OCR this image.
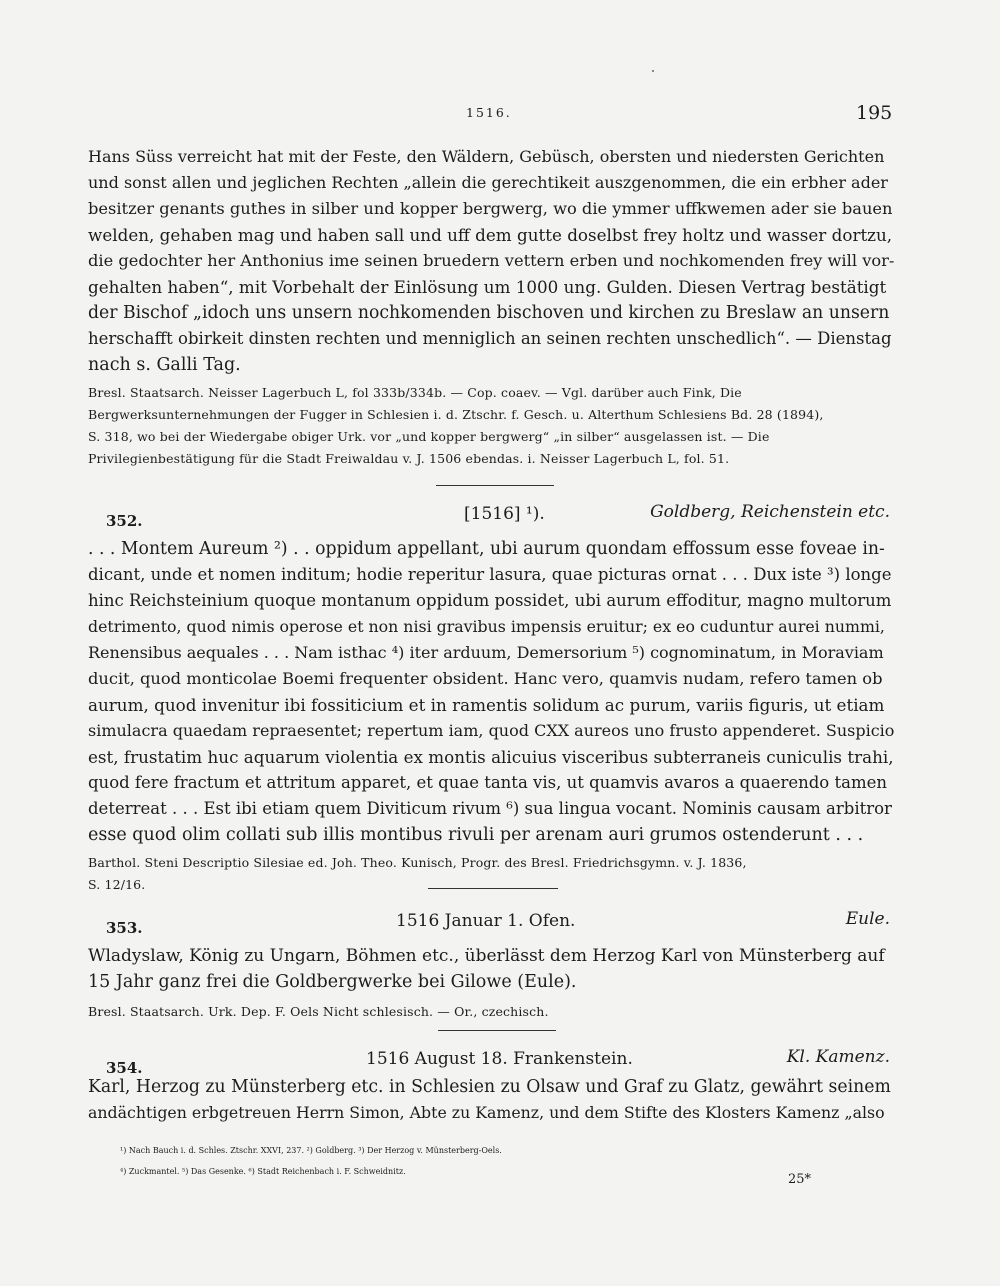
1516.	195
Hans Süss verreicht hat mit der Feste, den Wäldern, Gebüsch, obersten und niedersten Gerichten
und sonst allen und jeglichen Rechten „allein die gerechtikeit auszgenommen, die ein erbher ader
besitzer genants guthes in silber und kopper bergwerg, wo die ymmer uffkwemen ader sie bauen
welden, gehaben mag und haben sall und uff dem gutte doselbst frey holtz und wasser dortzu,
die gedochter her Anthonius ime seinen bruedern vettern erben und nochkomenden frey will vor-
gehalten haben“, mit Vorbehalt der Einlösung um 1000 ung. Gulden. Diesen Vertrag bestätigt
der Bischof „idoch uns unsern nochkomenden bischoven und kirchen zu Breslaw an unsern
herschafft obirkeit dinsten rechten und menniglich an seinen rechten unschedlich“. — Dienstag
nach s. Galli Tag.
Bresl. Staatsarch. Neisser Lagerbuch L, fol 333b/334b. — Cop. coaev. — Vgl. darüber auch Fink, Die
Bergwerksunternehmungen der Fugger in Schlesien i. d. Ztschr. f. Gesch. u. Alterthum Schlesiens Bd. 28 (1894),
S. 318, wo bei der Wiedergabe obiger Urk. vor „und kopper bergwerg“ „in silber“ ausgelassen ist. — Die
Privilegienbestätigung für die Stadt Freiwaldau v. J. 1506 ebendas. i. Neisser Lagerbuch L, fol. 51.
352.	[1516] ¹).	Goldberg, Reichenstein etc.
. . . Montem Aureum ²) . . oppidum appellant, ubi aurum quondam effossum esse foveae in-
dicant, unde et nomen inditum; hodie reperitur lasura, quae picturas ornat . . . Dux iste ³) longe
hinc Reichsteinium quoque montanum oppidum possidet, ubi aurum effoditur, magno multorum
detrimento, quod nimis operose et non nisi gravibus impensis eruitur; ex eo cuduntur aurei nummi,
Renensibus aequales . . . Nam isthac ⁴) iter arduum, Demersorium ⁵) cognominatum, in Moraviam
ducit, quod monticolae Boemi frequenter obsident. Hanc vero, quamvis nudam, refero tamen ob
aurum, quod invenitur ibi fossiticium et in ramentis solidum ac purum, variis figuris, ut etiam
simulacra quaedam repraesentet; repertum iam, quod CXX aureos uno frusto appenderet. Suspicio
est, frustatim huc aquarum violentia ex montis alicuius visceribus subterraneis cuniculis trahi,
quod fere fractum et attritum apparet, et quae tanta vis, ut quamvis avaros a quaerendo tamen
deterreat . . . Est ibi etiam quem Diviticum rivum ⁶) sua lingua vocant. Nominis causam arbitror
esse quod olim collati sub illis montibus rivuli per arenam auri grumos ostenderunt . . .
Barthol. Steni Descriptio Silesiae ed. Joh. Theo. Kunisch, Progr. des Bresl. Friedrichsgymn. v. J. 1836,
S. 12/16.
353.	1516 Januar 1. Ofen.	Eule.
Wladyslaw, König zu Ungarn, Böhmen etc., überlässt dem Herzog Karl von Münsterberg auf
15 Jahr ganz frei die Goldbergwerke bei Gilowe (Eule).
Bresl. Staatsarch. Urk. Dep. F. Oels Nicht schlesisch. — Or., czechisch.
354.	1516 August 18. Frankenstein.	Kl. Kamenz.
Karl, Herzog zu Münsterberg etc. in Schlesien zu Olsaw und Graf zu Glatz, gewährt seinem
andächtigen erbgetreuen Herrn Simon, Abte zu Kamenz, und dem Stifte des Klosters Kamenz „also
¹) Nach Bauch i. d. Schles. Ztschr. XXVI, 237. ²) Goldberg. ³) Der Herzog v. Münsterberg-Oels.
⁴) Zuckmantel. ⁵) Das Gesenke. ⁶) Stadt Reichenbach i. F. Schweidnitz.
25*
